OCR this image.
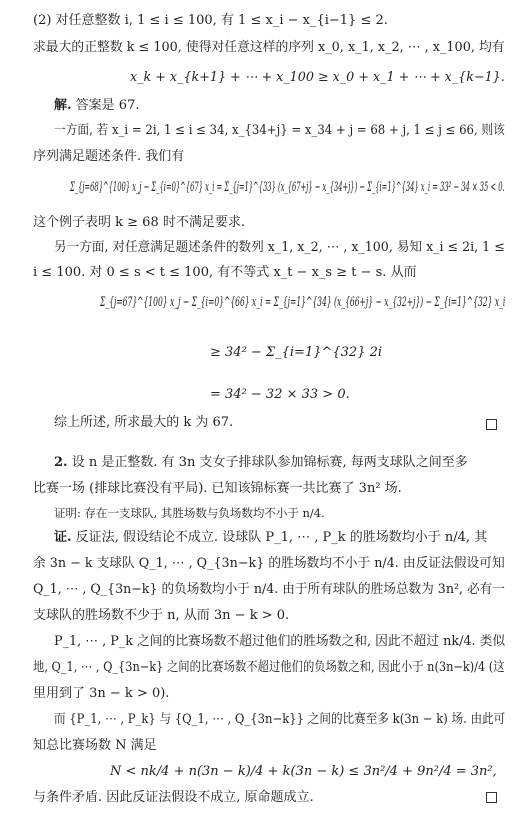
(2) 对任意整数 i, 1 ≤ i ≤ 100, 有 1 ≤ x_i − x_{i−1} ≤ 2.
求最大的正整数 k ≤ 100, 使得对任意这样的序列 x_0, x_1, x_2, ⋯ , x_100, 均有
x_k + x_{k+1} + ⋯ + x_100 ≥ x_0 + x_1 + ⋯ + x_{k−1}.
解. 答案是 67.
一方面, 若 x_i = 2i, 1 ≤ i ≤ 34, x_{34+j} = x_34 + j = 68 + j, 1 ≤ j ≤ 66, 则该
序列满足题述条件. 我们有
Σ_{j=68}^{100} x_j − Σ_{i=0}^{67} x_i = Σ_{j=1}^{33} (x_{67+j} − x_{34+j}) − Σ_{i=1}^{34} x_i = 33² − 34 × 35 < 0.
这个例子表明 k ≥ 68 时不满足要求.
另一方面, 对任意满足题述条件的数列 x_1, x_2, ⋯ , x_100, 易知 x_i ≤ 2i, 1 ≤
i ≤ 100. 对 0 ≤ s < t ≤ 100, 有不等式 x_t − x_s ≥ t − s. 从而
Σ_{j=67}^{100} x_j − Σ_{i=0}^{66} x_i = Σ_{j=1}^{34} (x_{66+j} − x_{32+j}) − Σ_{i=1}^{32} x_i
≥ 34² − Σ_{i=1}^{32} 2i
= 34² − 32 × 33 > 0.
综上所述, 所求最大的 k 为 67.
2. 设 n 是正整数. 有 3n 支女子排球队参加锦标赛, 每两支球队之间至多
比赛一场 (排球比赛没有平局). 已知该锦标赛一共比赛了 3n² 场.
证明: 存在一支球队, 其胜场数与负场数均不小于 n/4.
证. 反证法, 假设结论不成立. 设球队 P_1, ⋯ , P_k 的胜场数均小于 n/4, 其
余 3n − k 支球队 Q_1, ⋯ , Q_{3n−k} 的胜场数均不小于 n/4. 由反证法假设可知
Q_1, ⋯ , Q_{3n−k} 的负场数均小于 n/4. 由于所有球队的胜场总数为 3n², 必有一
支球队的胜场数不少于 n, 从而 3n − k > 0.
P_1, ⋯ , P_k 之间的比赛场数不超过他们的胜场数之和, 因此不超过 nk/4. 类似
地, Q_1, ⋯ , Q_{3n−k} 之间的比赛场数不超过他们的负场数之和, 因此小于 n(3n−k)/4 (这
里用到了 3n − k > 0).
而 {P_1, ⋯ , P_k} 与 {Q_1, ⋯ , Q_{3n−k}} 之间的比赛至多 k(3n − k) 场. 由此可
知总比赛场数 N 满足
N < nk/4 + n(3n − k)/4 + k(3n − k) ≤ 3n²/4 + 9n²/4 = 3n²,
与条件矛盾. 因此反证法假设不成立, 原命题成立.
